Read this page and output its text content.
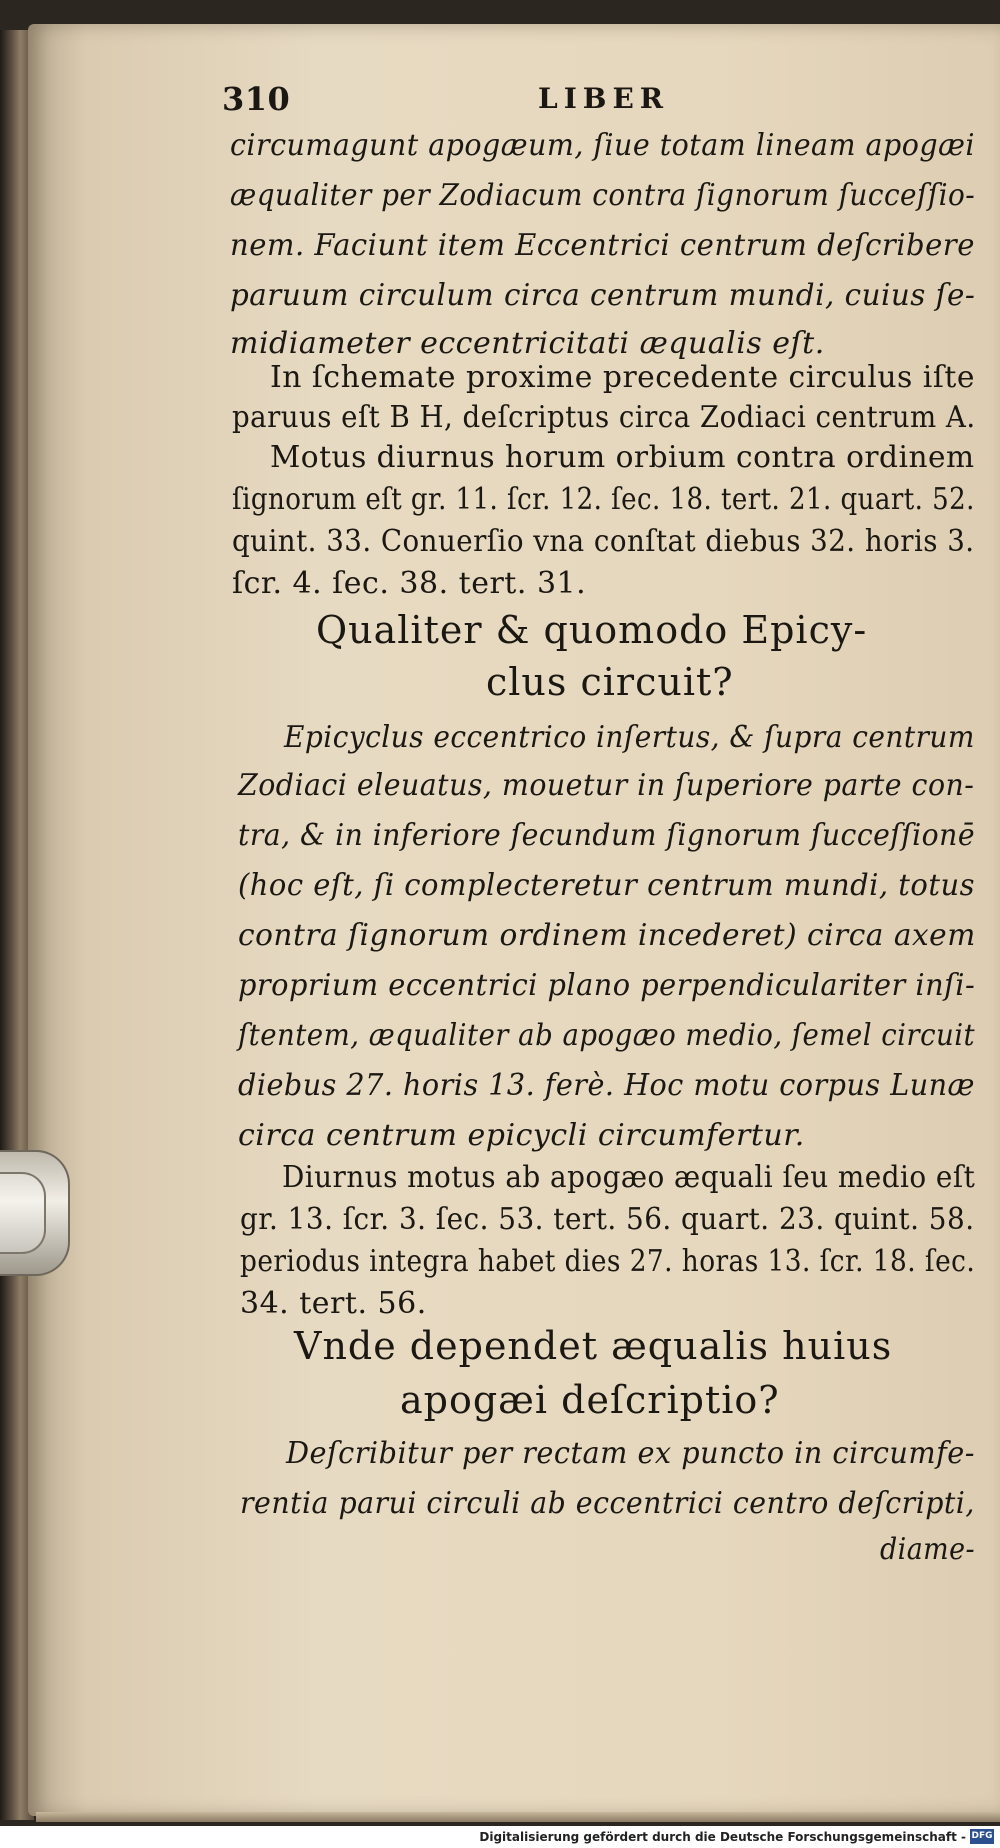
310	LIBER
circumagunt apogæum, ſiue totam lineam apogæi
æqualiter per Zodiacum contra ſignorum ſucceſſio-
nem. Faciunt item Eccentrici centrum deſcribere
paruum circulum circa centrum mundi, cuius ſe-
midiameter eccentricitati æqualis eſt.
In ſchemate proxime precedente circulus iſte
paruus eſt B H, deſcriptus circa Zodiaci centrum A.
Motus diurnus horum orbium contra ordinem
ſignorum eſt gr. 11. ſcr. 12. ſec. 18. tert. 21. quart. 52.
quint. 33. Conuerſio vna conſtat diebus 32. horis 3.
ſcr. 4. ſec. 38. tert. 31.
Qualiter & quomodo Epicy-
clus circuit?
Epicyclus eccentrico inſertus, & ſupra centrum
Zodiaci eleuatus, mouetur in ſuperiore parte con-
tra, & in inferiore ſecundum ſignorum ſucceſſionē
(hoc eſt, ſi complecteretur centrum mundi, totus
contra ſignorum ordinem incederet) circa axem
proprium eccentrici plano perpendiculariter inſi-
ſtentem, æqualiter ab apogæo medio, ſemel circuit
diebus 27. horis 13. ferè. Hoc motu corpus Lunæ
circa centrum epicycli circumfertur.
Diurnus motus ab apogæo æquali ſeu medio eſt
gr. 13. ſcr. 3. ſec. 53. tert. 56. quart. 23. quint. 58.
periodus integra habet dies 27. horas 13. ſcr. 18. ſec.
34. tert. 56.
Vnde dependet æqualis huius
apogæi deſcriptio?
Deſcribitur per rectam ex puncto in circumfe-
rentia parui circuli ab eccentrici centro deſcripti,
diame-
Digitalisierung gefördert durch die Deutsche Forschungsgemeinschaft - DFG
